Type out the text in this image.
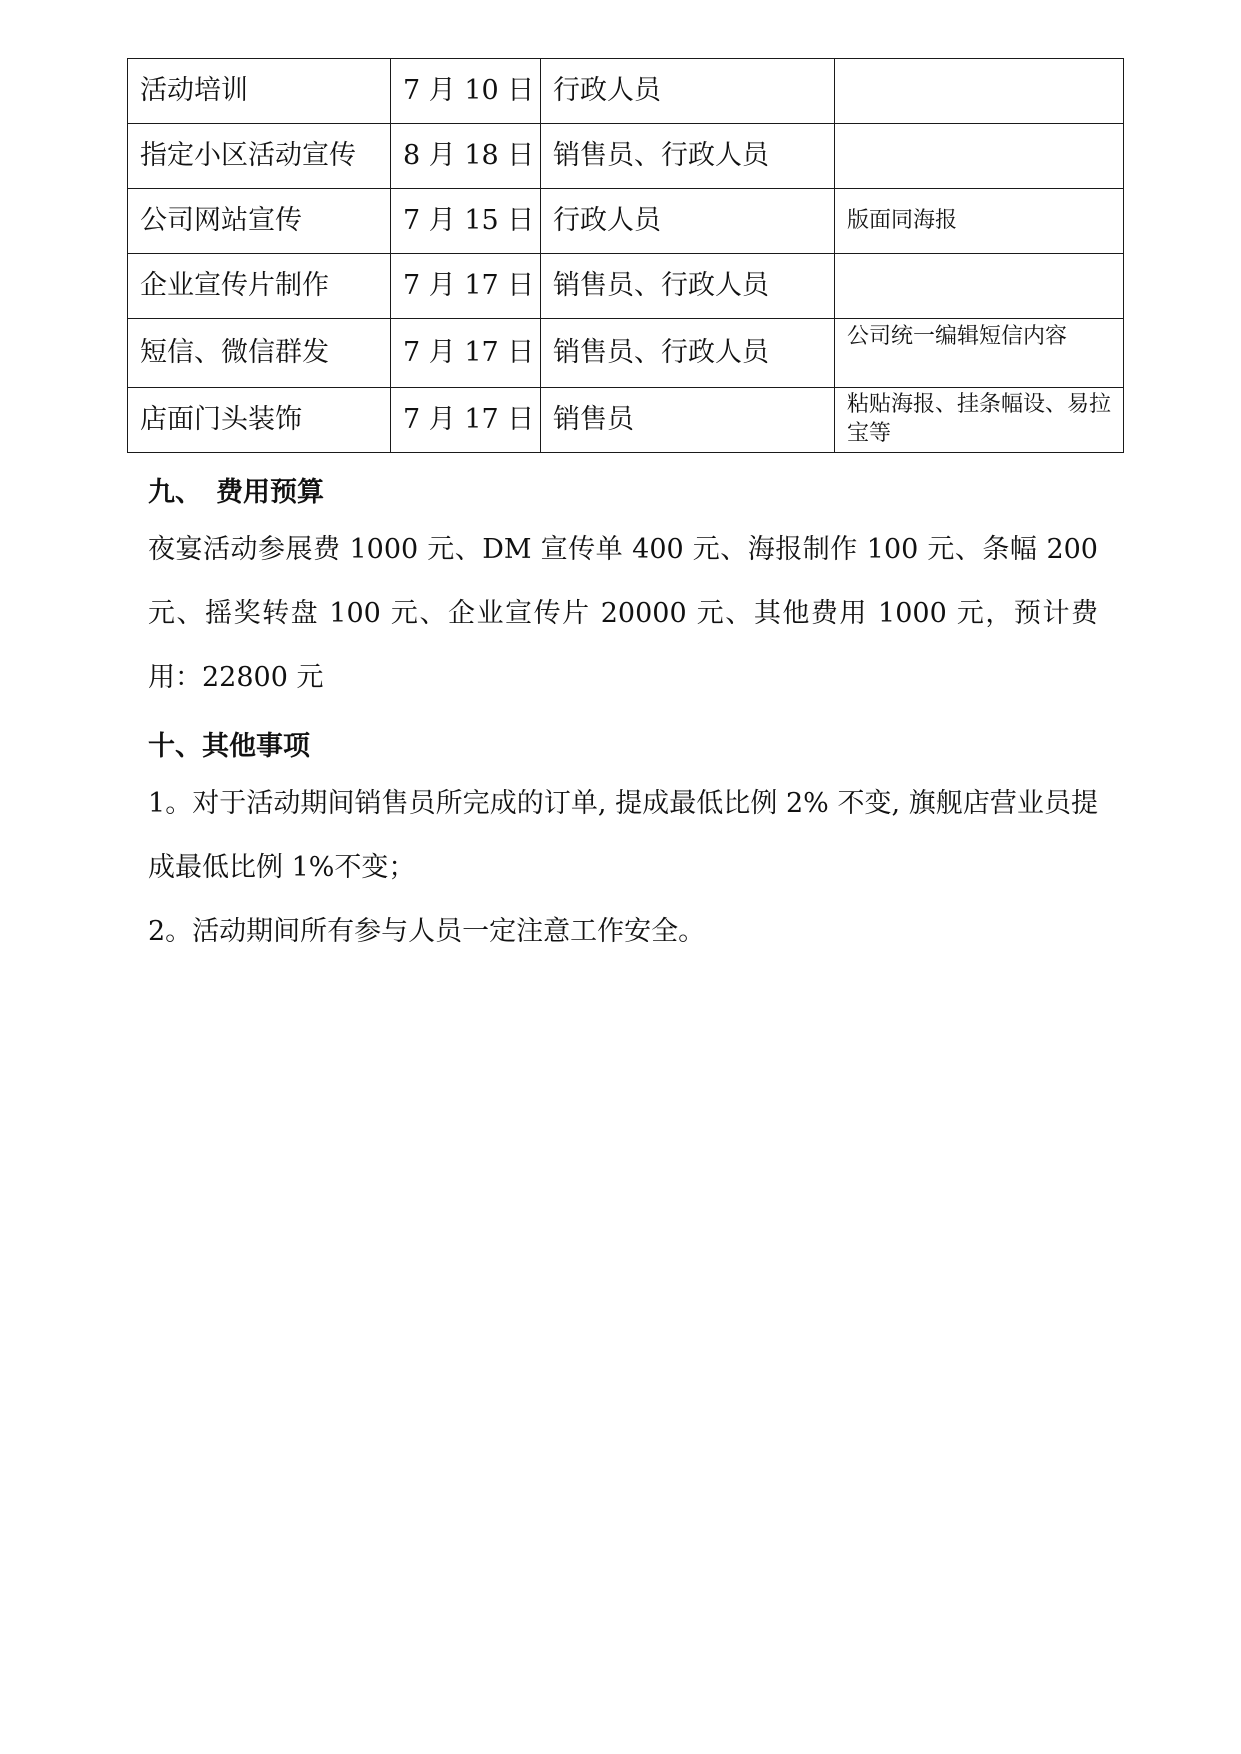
活动培训	7 月 10 日	行政人员	
指定小区活动宣传	8 月 18 日	销售员、行政人员	
公司网站宣传	7 月 15 日	行政人员	版面同海报
企业宣传片制作	7 月 17 日	销售员、行政人员	
短信、微信群发	7 月 17 日	销售员、行政人员	公司统一编辑短信内容
店面门头装饰	7 月 17 日	销售员	粘贴海报、挂条幅设、易拉宝等
九、 费用预算

夜宴活动参展费 1000 元、DM 宣传单 400 元、海报制作 100 元、条幅 200 元、摇奖转盘 100 元、企业宣传片 20000 元、其他费用 1000 元，预计费用：22800 元

十、其他事项

1。对于活动期间销售员所完成的订单, 提成最低比例 2% 不变, 旗舰店营业员提成最低比例 1%不变；

2。活动期间所有参与人员一定注意工作安全。
